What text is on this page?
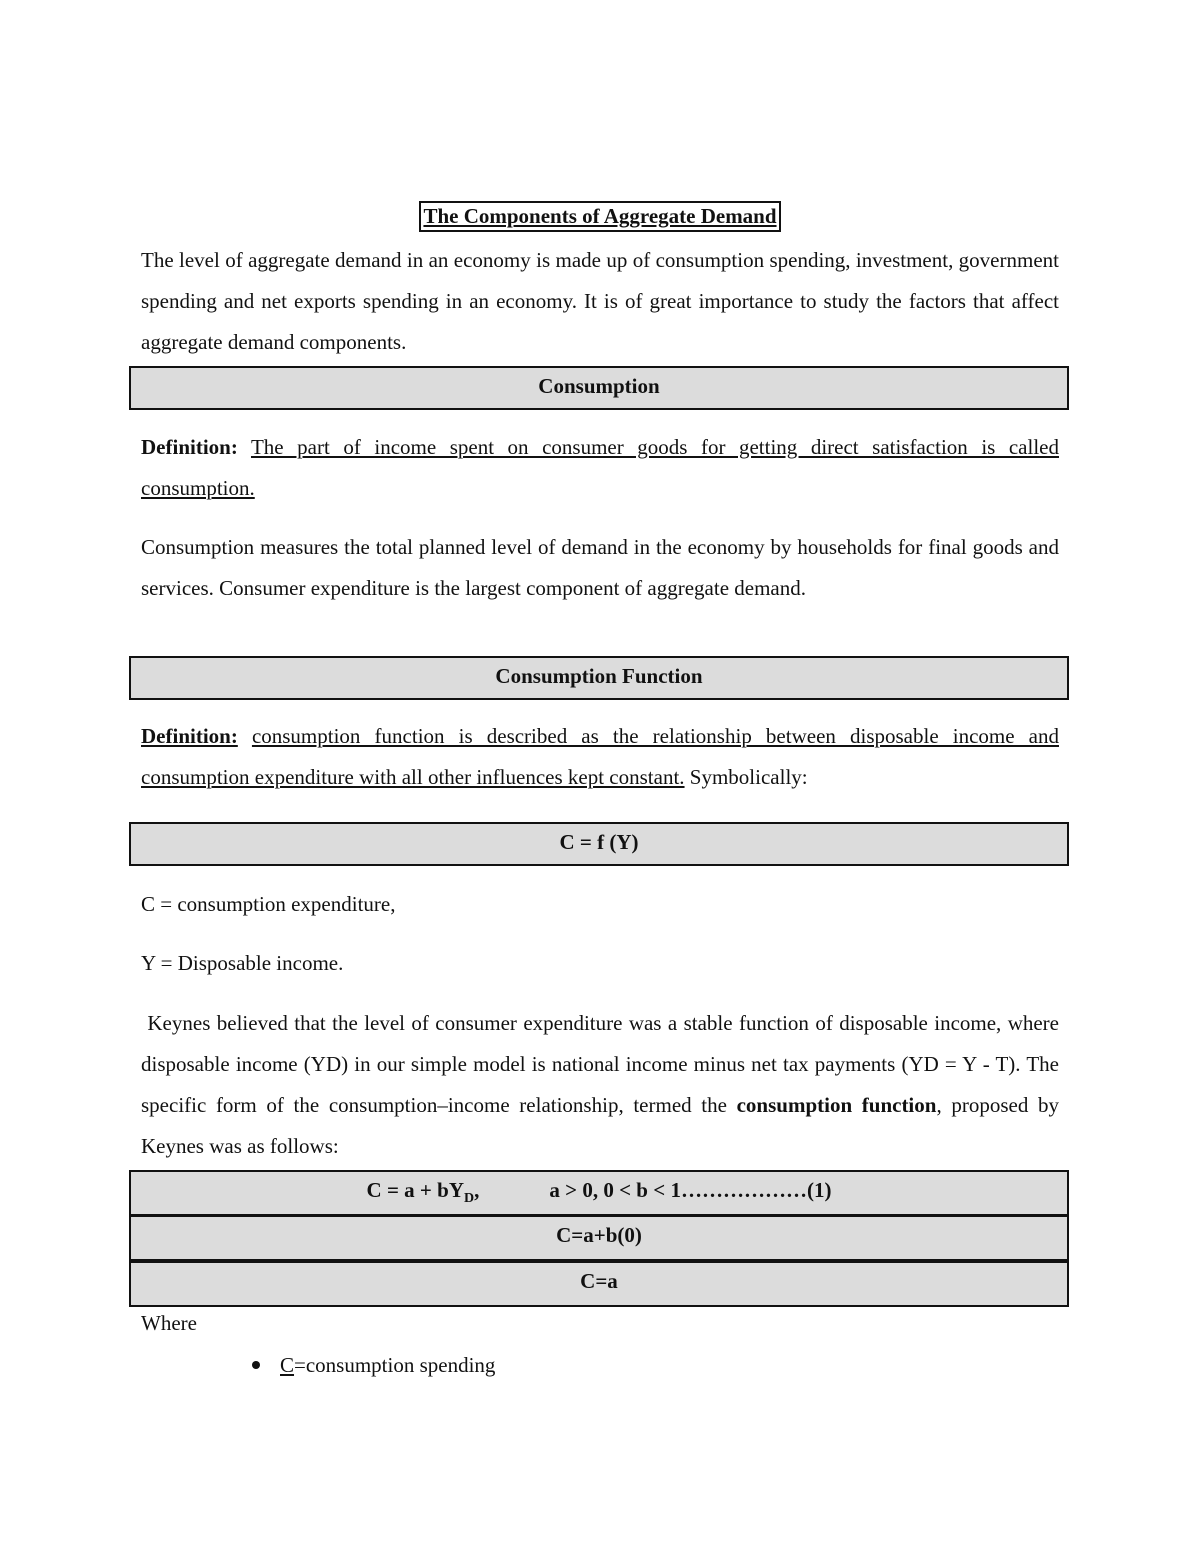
The Components of Aggregate Demand

The level of aggregate demand in an economy is made up of consumption spending, investment, government spending and net exports spending in an economy. It is of great importance to study the factors that affect aggregate demand components.

Consumption

Definition: The part of income spent on consumer goods for getting direct satisfaction is called consumption.

Consumption measures the total planned level of demand in the economy by households for final goods and services. Consumer expenditure is the largest component of aggregate demand.

Consumption Function

Definition: consumption function is described as the relationship between disposable income and consumption expenditure with all other influences kept constant. Symbolically:

C = f (Y)
C = consumption expenditure,
Y = Disposable income.

Keynes believed that the level of consumer expenditure was a stable function of disposable income, where disposable income (YD) in our simple model is national income minus net tax payments (YD = Y - T). The specific form of the consumption–income relationship, termed the consumption function, proposed by Keynes was as follows:

$C = a + bY_D$,	a > 0, 0 < b < 1………………(1)
C=a+b(0)
C=a
Where
C=consumption spending
